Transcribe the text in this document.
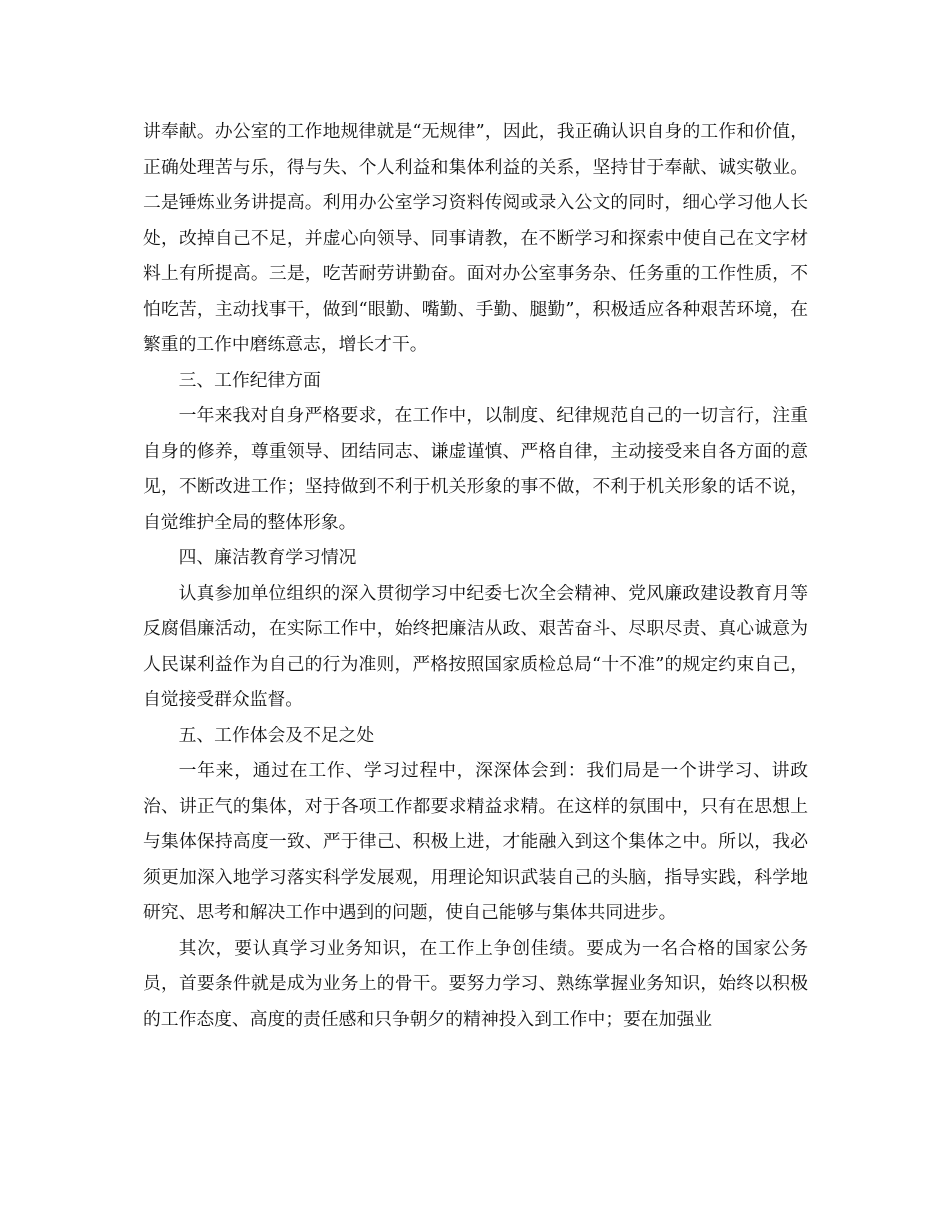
讲奉献。办公室的工作地规律就是“无规律”，因此，我正确认识自身的工作和价值，正确处理苦与乐，得与失、个人利益和集体利益的关系，坚持甘于奉献、诚实敬业。二是锤炼业务讲提高。利用办公室学习资料传阅或录入公文的同时，细心学习他人长处，改掉自己不足，并虚心向领导、同事请教，在不断学习和探索中使自己在文字材料上有所提高。三是，吃苦耐劳讲勤奋。面对办公室事务杂、任务重的工作性质，不怕吃苦，主动找事干，做到“眼勤、嘴勤、手勤、腿勤”，积极适应各种艰苦环境，在繁重的工作中磨练意志，增长才干。

三、工作纪律方面

一年来我对自身严格要求，在工作中，以制度、纪律规范自己的一切言行，注重自身的修养，尊重领导、团结同志、谦虚谨慎、严格自律，主动接受来自各方面的意见，不断改进工作；坚持做到不利于机关形象的事不做，不利于机关形象的话不说，自觉维护全局的整体形象。

四、廉洁教育学习情况

认真参加单位组织的深入贯彻学习中纪委七次全会精神、党风廉政建设教育月等反腐倡廉活动，在实际工作中，始终把廉洁从政、艰苦奋斗、尽职尽责、真心诚意为人民谋利益作为自己的行为准则，严格按照国家质检总局“十不准”的规定约束自己，自觉接受群众监督。

五、工作体会及不足之处

一年来，通过在工作、学习过程中，深深体会到：我们局是一个讲学习、讲政治、讲正气的集体，对于各项工作都要求精益求精。在这样的氛围中，只有在思想上与集体保持高度一致、严于律己、积极上进，才能融入到这个集体之中。所以，我必须更加深入地学习落实科学发展观，用理论知识武装自己的头脑，指导实践，科学地研究、思考和解决工作中遇到的问题，使自己能够与集体共同进步。

其次，要认真学习业务知识，在工作上争创佳绩。要成为一名合格的国家公务员，首要条件就是成为业务上的骨干。要努力学习、熟练掌握业务知识，始终以积极的工作态度、高度的责任感和只争朝夕的精神投入到工作中；要在加强业
